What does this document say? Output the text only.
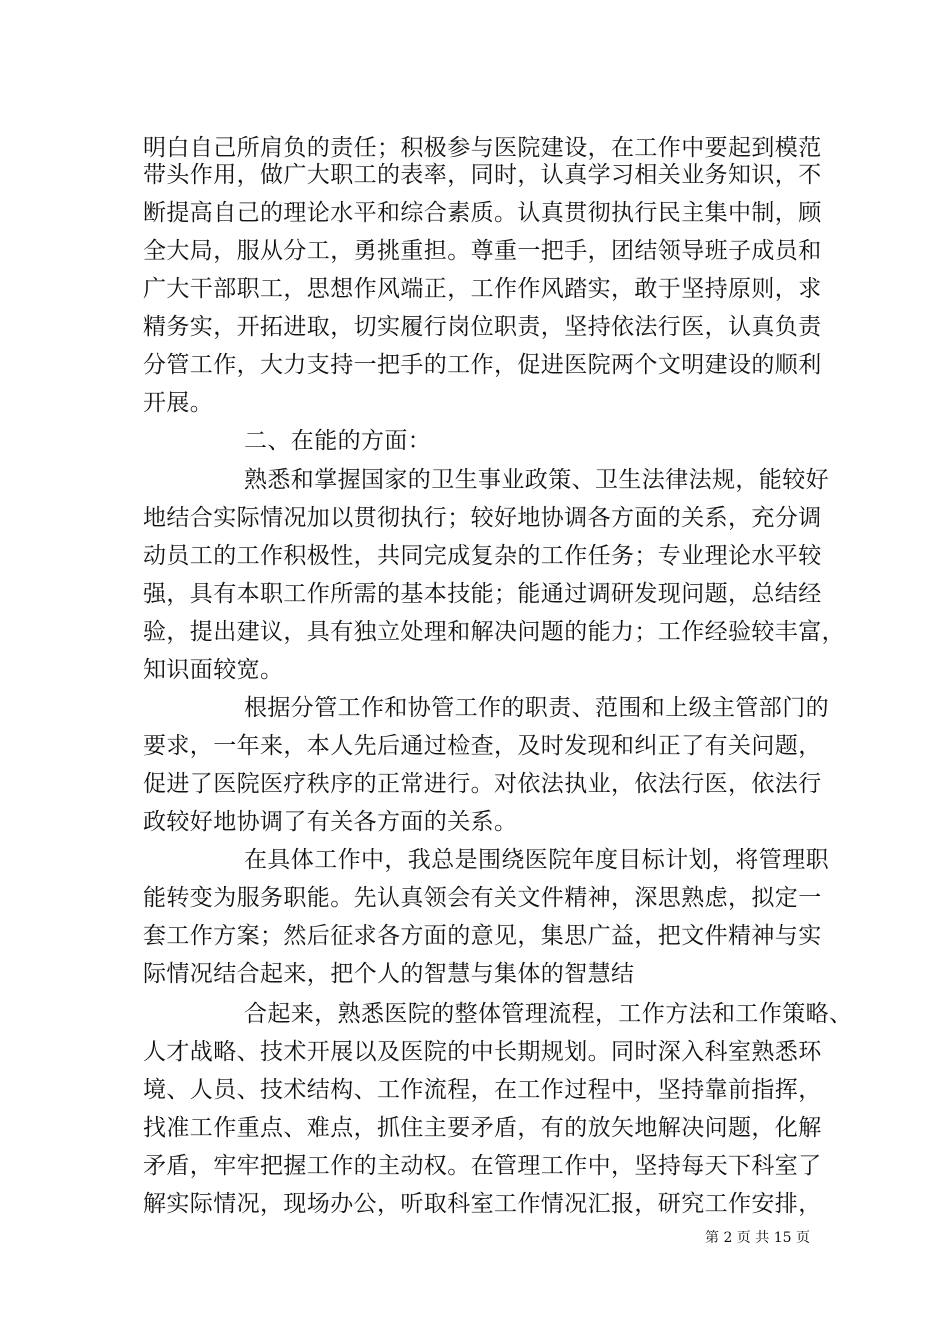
明白自己所肩负的责任；积极参与医院建设，在工作中要起到模范
带头作用，做广大职工的表率，同时，认真学习相关业务知识，不
断提高自己的理论水平和综合素质。认真贯彻执行民主集中制，顾
全大局，服从分工，勇挑重担。尊重一把手，团结领导班子成员和
广大干部职工，思想作风端正，工作作风踏实，敢于坚持原则，求
精务实，开拓进取，切实履行岗位职责，坚持依法行医，认真负责
分管工作，大力支持一把手的工作，促进医院两个文明建设的顺利
开展。
二、在能的方面：
熟悉和掌握国家的卫生事业政策、卫生法律法规，能较好
地结合实际情况加以贯彻执行；较好地协调各方面的关系，充分调
动员工的工作积极性，共同完成复杂的工作任务；专业理论水平较
强，具有本职工作所需的基本技能；能通过调研发现问题，总结经
验，提出建议，具有独立处理和解决问题的能力；工作经验较丰富，
知识面较宽。
根据分管工作和协管工作的职责、范围和上级主管部门的
要求，一年来，本人先后通过检查，及时发现和纠正了有关问题，
促进了医院医疗秩序的正常进行。对依法执业，依法行医，依法行
政较好地协调了有关各方面的关系。
在具体工作中，我总是围绕医院年度目标计划，将管理职
能转变为服务职能。先认真领会有关文件精神，深思熟虑，拟定一
套工作方案；然后征求各方面的意见，集思广益，把文件精神与实
际情况结合起来，把个人的智慧与集体的智慧结
合起来，熟悉医院的整体管理流程，工作方法和工作策略、
人才战略、技术开展以及医院的中长期规划。同时深入科室熟悉环
境、人员、技术结构、工作流程，在工作过程中，坚持靠前指挥，
找准工作重点、难点，抓住主要矛盾，有的放矢地解决问题，化解
矛盾，牢牢把握工作的主动权。在管理工作中，坚持每天下科室了
解实际情况，现场办公，听取科室工作情况汇报，研究工作安排，
第 2 页 共 15 页
